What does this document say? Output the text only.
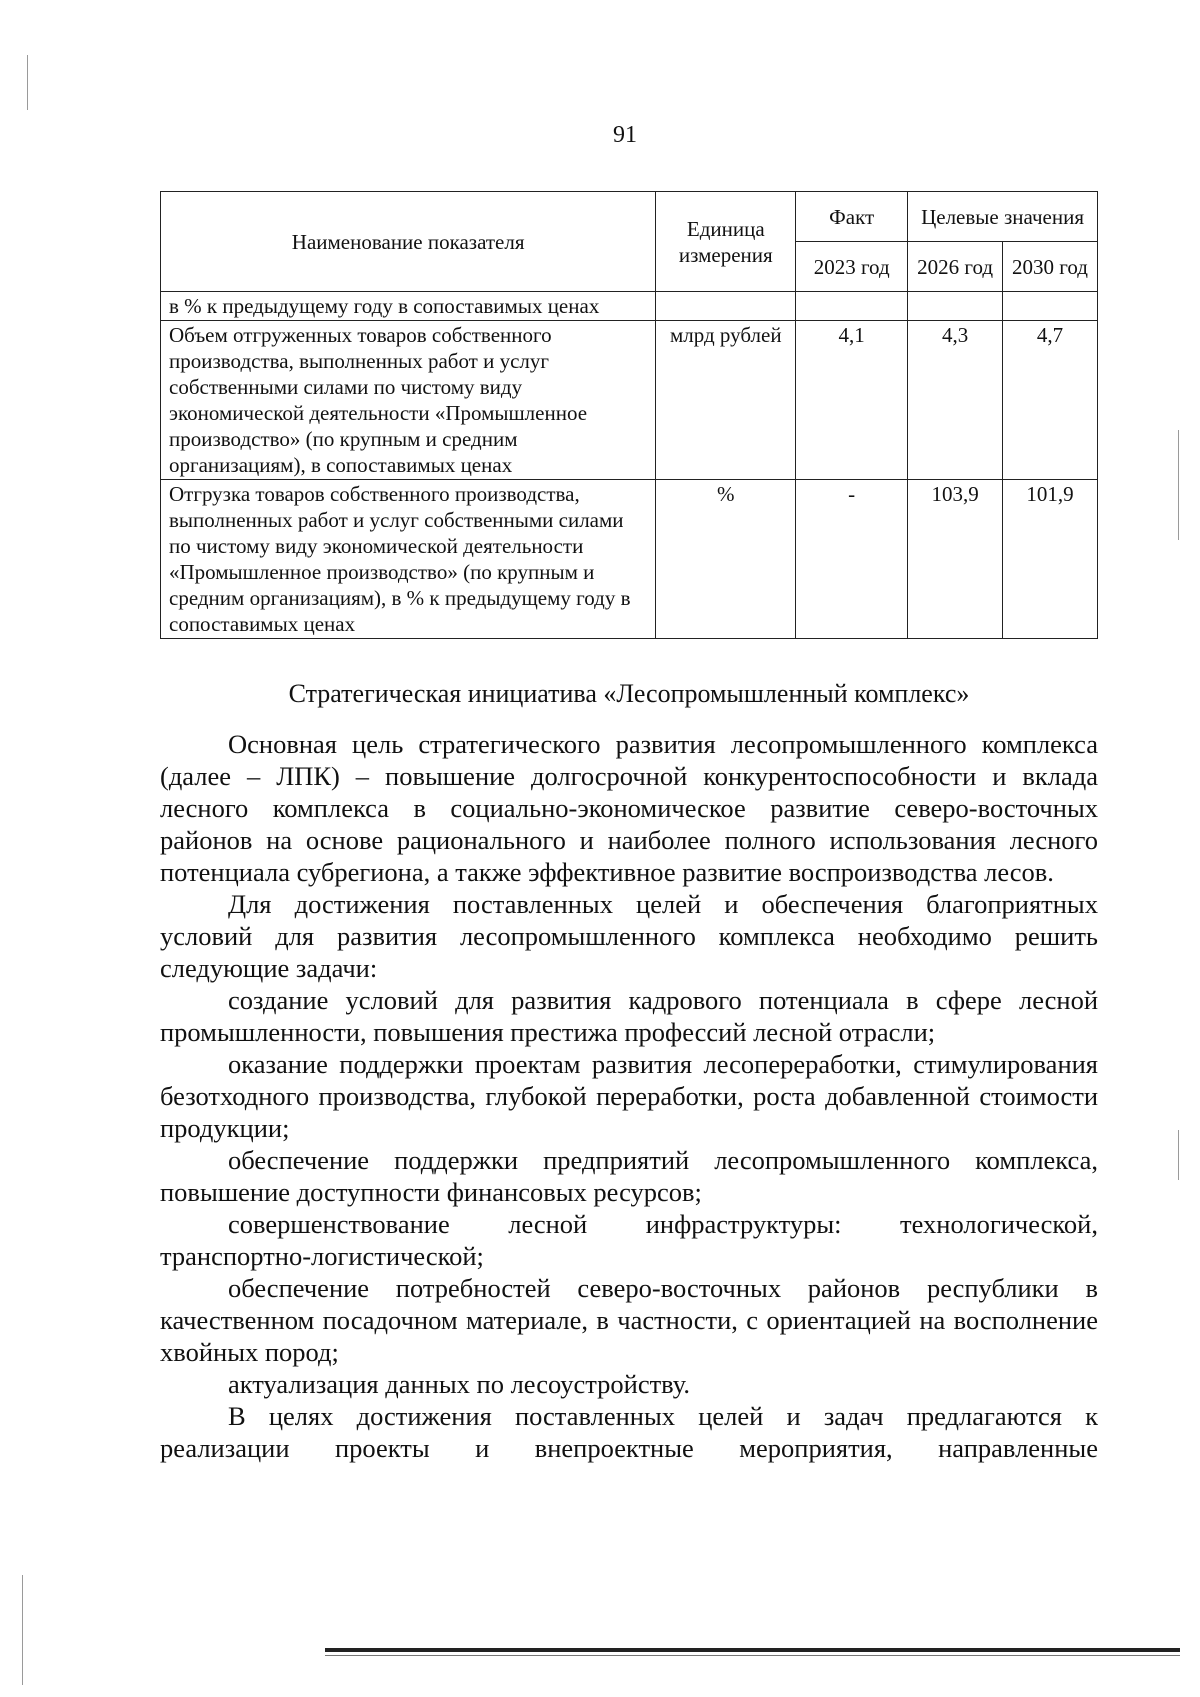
91
Наименование показателя	Единица измерения	Факт	Целевые значения	
		2023 год	2026 год	2030 год
в % к предыдущему году в сопоставимых ценах				
Объем отгруженных товаров собственного производства, выполненных работ и услуг собственными силами по чистому виду экономической деятельности «Промышленное производство» (по крупным и средним организациям), в сопоставимых ценах	млрд рублей	4,1	4,3	4,7
Отгрузка товаров собственного производства, выполненных работ и услуг собственными силами по чистому виду экономической деятельности «Промышленное производство» (по крупным и средним организациям), в % к предыдущему году в сопоставимых ценах	%	-	103,9	101,9
Стратегическая инициатива «Лесопромышленный комплекс»

Основная цель стратегического развития лесопромышленного комплекса (далее – ЛПК) – повышение долгосрочной конкурентоспособности и вклада лесного комплекса в социально-экономическое развитие северо-восточных районов на основе рационального и наиболее полного использования лесного потенциала субрегиона, а также эффективное развитие воспроизводства лесов.

Для достижения поставленных целей и обеспечения благоприятных условий для развития лесопромышленного комплекса необходимо решить следующие задачи:

создание условий для развития кадрового потенциала в сфере лесной промышленности, повышения престижа профессий лесной отрасли;

оказание поддержки проектам развития лесопереработки, стимулирования безотходного производства, глубокой переработки, роста добавленной стоимости продукции;

обеспечение поддержки предприятий лесопромышленного комплекса, повышение доступности финансовых ресурсов;

совершенствование лесной инфраструктуры: технологической, транспортно-логистической;

обеспечение потребностей северо-восточных районов республики в качественном посадочном материале, в частности, с ориентацией на восполнение хвойных пород;

актуализация данных по лесоустройству.

В целях достижения поставленных целей и задач предлагаются к реализации проекты и внепроектные мероприятия, направленные
